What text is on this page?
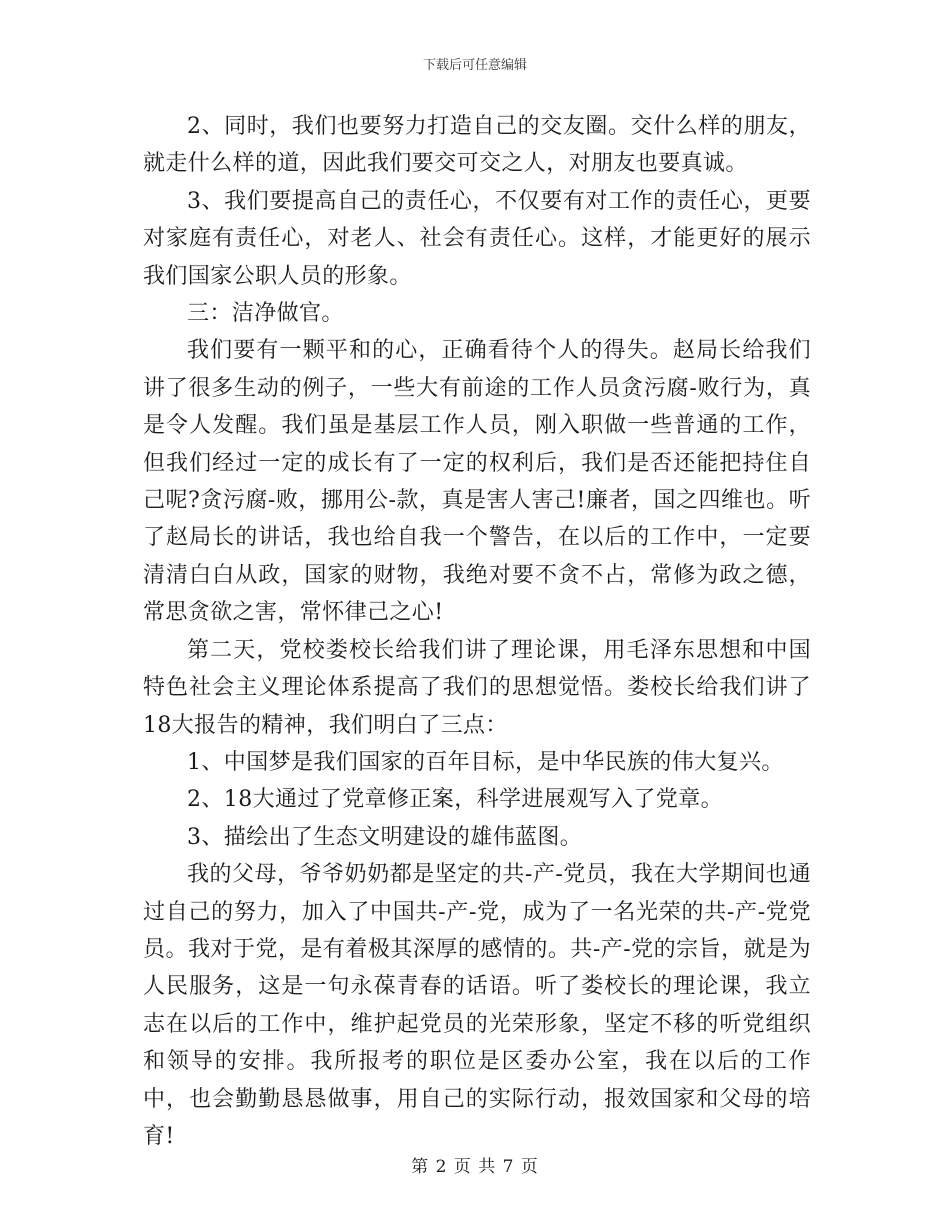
下载后可任意编辑

2、同时，我们也要努力打造自己的交友圈。交什么样的朋友，就走什么样的道，因此我们要交可交之人，对朋友也要真诚。

3、我们要提高自己的责任心，不仅要有对工作的责任心，更要对家庭有责任心，对老人、社会有责任心。这样，才能更好的展示我们国家公职人员的形象。

三：洁净做官。

我们要有一颗平和的心，正确看待个人的得失。赵局长给我们讲了很多生动的例子，一些大有前途的工作人员贪污腐-败行为，真是令人发醒。我们虽是基层工作人员，刚入职做一些普通的工作，但我们经过一定的成长有了一定的权利后，我们是否还能把持住自己呢?贪污腐-败，挪用公-款，真是害人害己!廉者，国之四维也。听了赵局长的讲话，我也给自我一个警告，在以后的工作中，一定要清清白白从政，国家的财物，我绝对要不贪不占，常修为政之德，常思贪欲之害，常怀律己之心!

第二天，党校娄校长给我们讲了理论课，用毛泽东思想和中国特色社会主义理论体系提高了我们的思想觉悟。娄校长给我们讲了18大报告的精神，我们明白了三点：

1、中国梦是我们国家的百年目标，是中华民族的伟大复兴。

2、18大通过了党章修正案，科学进展观写入了党章。

3、描绘出了生态文明建设的雄伟蓝图。

我的父母，爷爷奶奶都是坚定的共-产-党员，我在大学期间也通过自己的努力，加入了中国共-产-党，成为了一名光荣的共-产-党党员。我对于党，是有着极其深厚的感情的。共-产-党的宗旨，就是为人民服务，这是一句永葆青春的话语。听了娄校长的理论课，我立志在以后的工作中，维护起党员的光荣形象，坚定不移的听党组织和领导的安排。我所报考的职位是区委办公室，我在以后的工作中，也会勤勤恳恳做事，用自己的实际行动，报效国家和父母的培育!

第 2 页 共 7 页
